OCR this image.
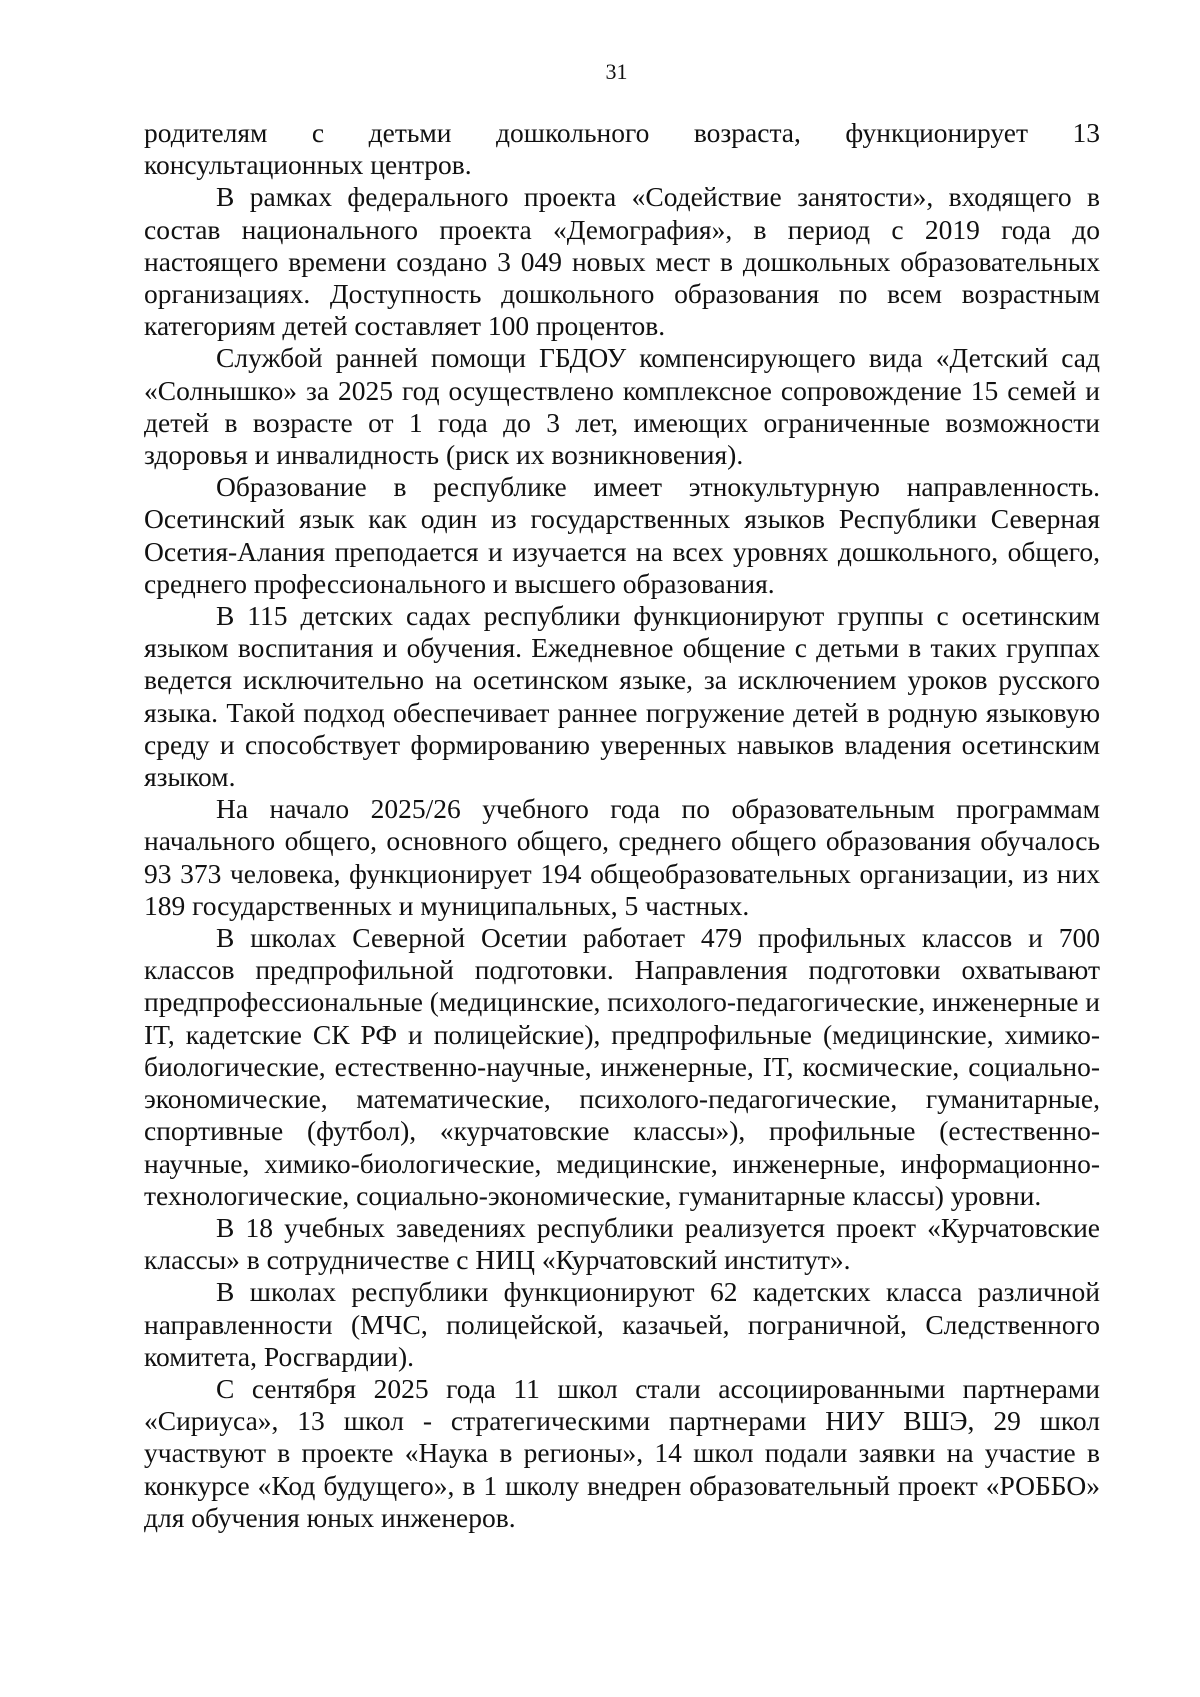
31

родителям с детьми дошкольного возраста, функционирует 13 консультационных центров.

В рамках федерального проекта «Содействие занятости», входящего в состав национального проекта «Демография», в период с 2019 года до настоящего времени создано 3 049 новых мест в дошкольных образовательных организациях. Доступность дошкольного образования по всем возрастным категориям детей составляет 100 процентов.

Службой ранней помощи ГБДОУ компенсирующего вида «Детский сад «Солнышко» за 2025 год осуществлено комплексное сопровождение 15 семей и детей в возрасте от 1 года до 3 лет, имеющих ограниченные возможности здоровья и инвалидность (риск их возникновения).

Образование в республике имеет этнокультурную направленность. Осетинский язык как один из государственных языков Республики Северная Осетия-Алания преподается и изучается на всех уровнях дошкольного, общего, среднего профессионального и высшего образования.

В 115 детских садах республики функционируют группы с осетинским языком воспитания и обучения. Ежедневное общение с детьми в таких группах ведется исключительно на осетинском языке, за исключением уроков русского языка. Такой подход обеспечивает раннее погружение детей в родную языковую среду и способствует формированию уверенных навыков владения осетинским языком.

На начало 2025/26 учебного года по образовательным программам начального общего, основного общего, среднего общего образования обучалось 93 373 человека, функционирует 194 общеобразовательных организации, из них 189 государственных и муниципальных, 5 частных.

В школах Северной Осетии работает 479 профильных классов и 700 классов предпрофильной подготовки. Направления подготовки охватывают предпрофессиональные (медицинские, психолого-педагогические, инженерные и IT, кадетские СК РФ и полицейские), предпрофильные (медицинские, химико-биологические, естественно-научные, инженерные, IT, космические, социально-экономические, математические, психолого-педагогические, гуманитарные, спортивные (футбол), «курчатовские классы»), профильные (естественно-научные, химико-биологические, медицинские, инженерные, информационно-технологические, социально-экономические, гуманитарные классы) уровни.

В 18 учебных заведениях республики реализуется проект «Курчатовские классы» в сотрудничестве с НИЦ «Курчатовский институт».

В школах республики функционируют 62 кадетских класса различной направленности (МЧС, полицейской, казачьей, пограничной, Следственного комитета, Росгвардии).

С сентября 2025 года 11 школ стали ассоциированными партнерами «Сириуса», 13 школ - стратегическими партнерами НИУ ВШЭ, 29 школ участвуют в проекте «Наука в регионы», 14 школ подали заявки на участие в конкурсе «Код будущего», в 1 школу внедрен образовательный проект «РОББО» для обучения юных инженеров.
